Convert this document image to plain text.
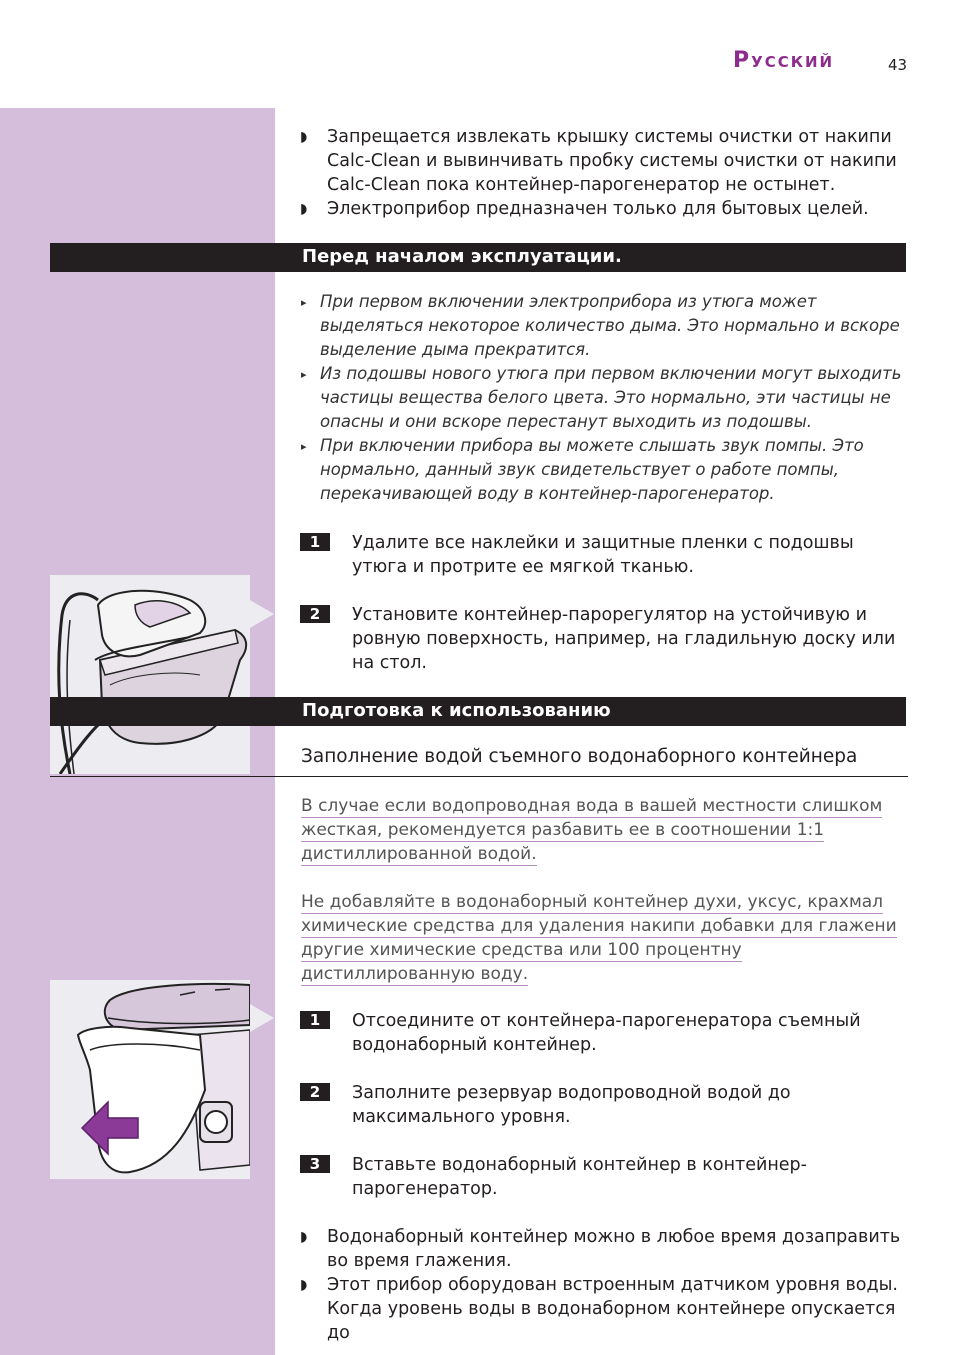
Русский	43
◗ Запрещается извлекать крышку системы очистки от накипи Calc-Clean и вывинчивать пробку системы очистки от накипи Calc-Clean пока контейнер-парогенератор не остынет.
◗ Электроприбор предназначен только для бытовых целей.
Перед началом эксплуатации.
▸ При первом включении электроприбора из утюга может выделяться некоторое количество дыма. Это нормально и вскоре выделение дыма прекратится.
▸ Из подошвы нового утюга при первом включении могут выходить частицы вещества белого цвета. Это нормально, эти частицы не опасны и они вскоре перестанут выходить из подошвы.
▸ При включении прибора вы можете слышать звук помпы. Это нормально, данный звук свидетельствует о работе помпы, перекачивающей воду в контейнер-парогенератор.
1	Удалите все наклейки и защитные пленки с подошвы утюга и протрите ее мягкой тканью.
2	Установите контейнер-парорегулятор на устойчивую и ровную поверхность, например, на гладильную доску или на стол.
Подготовка к использованию
Заполнение водой съемного водонаборного контейнера
В случае если водопроводная вода в вашей местности слишком
жесткая, рекомендуется разбавить ее в соотношении 1:1
дистиллированной водой.
Не добавляйте в водонаборный контейнер духи, уксус, крахмал
химические средства для удаления накипи добавки для глажени
другие химические средства или 100 процентну
дистиллированную воду.
1	Отсоедините от контейнера-парогенератора съемный водонаборный контейнер.
2	Заполните резервуар водопроводной водой до максимального уровня.
3	Вставьте водонаборный контейнер в контейнер-парогенератор.
◗ Водонаборный контейнер можно в любое время дозаправить во время глажения.
◗ Этот прибор оборудован встроенным датчиком уровня воды. Когда уровень воды в водонаборном контейнере опускается до
